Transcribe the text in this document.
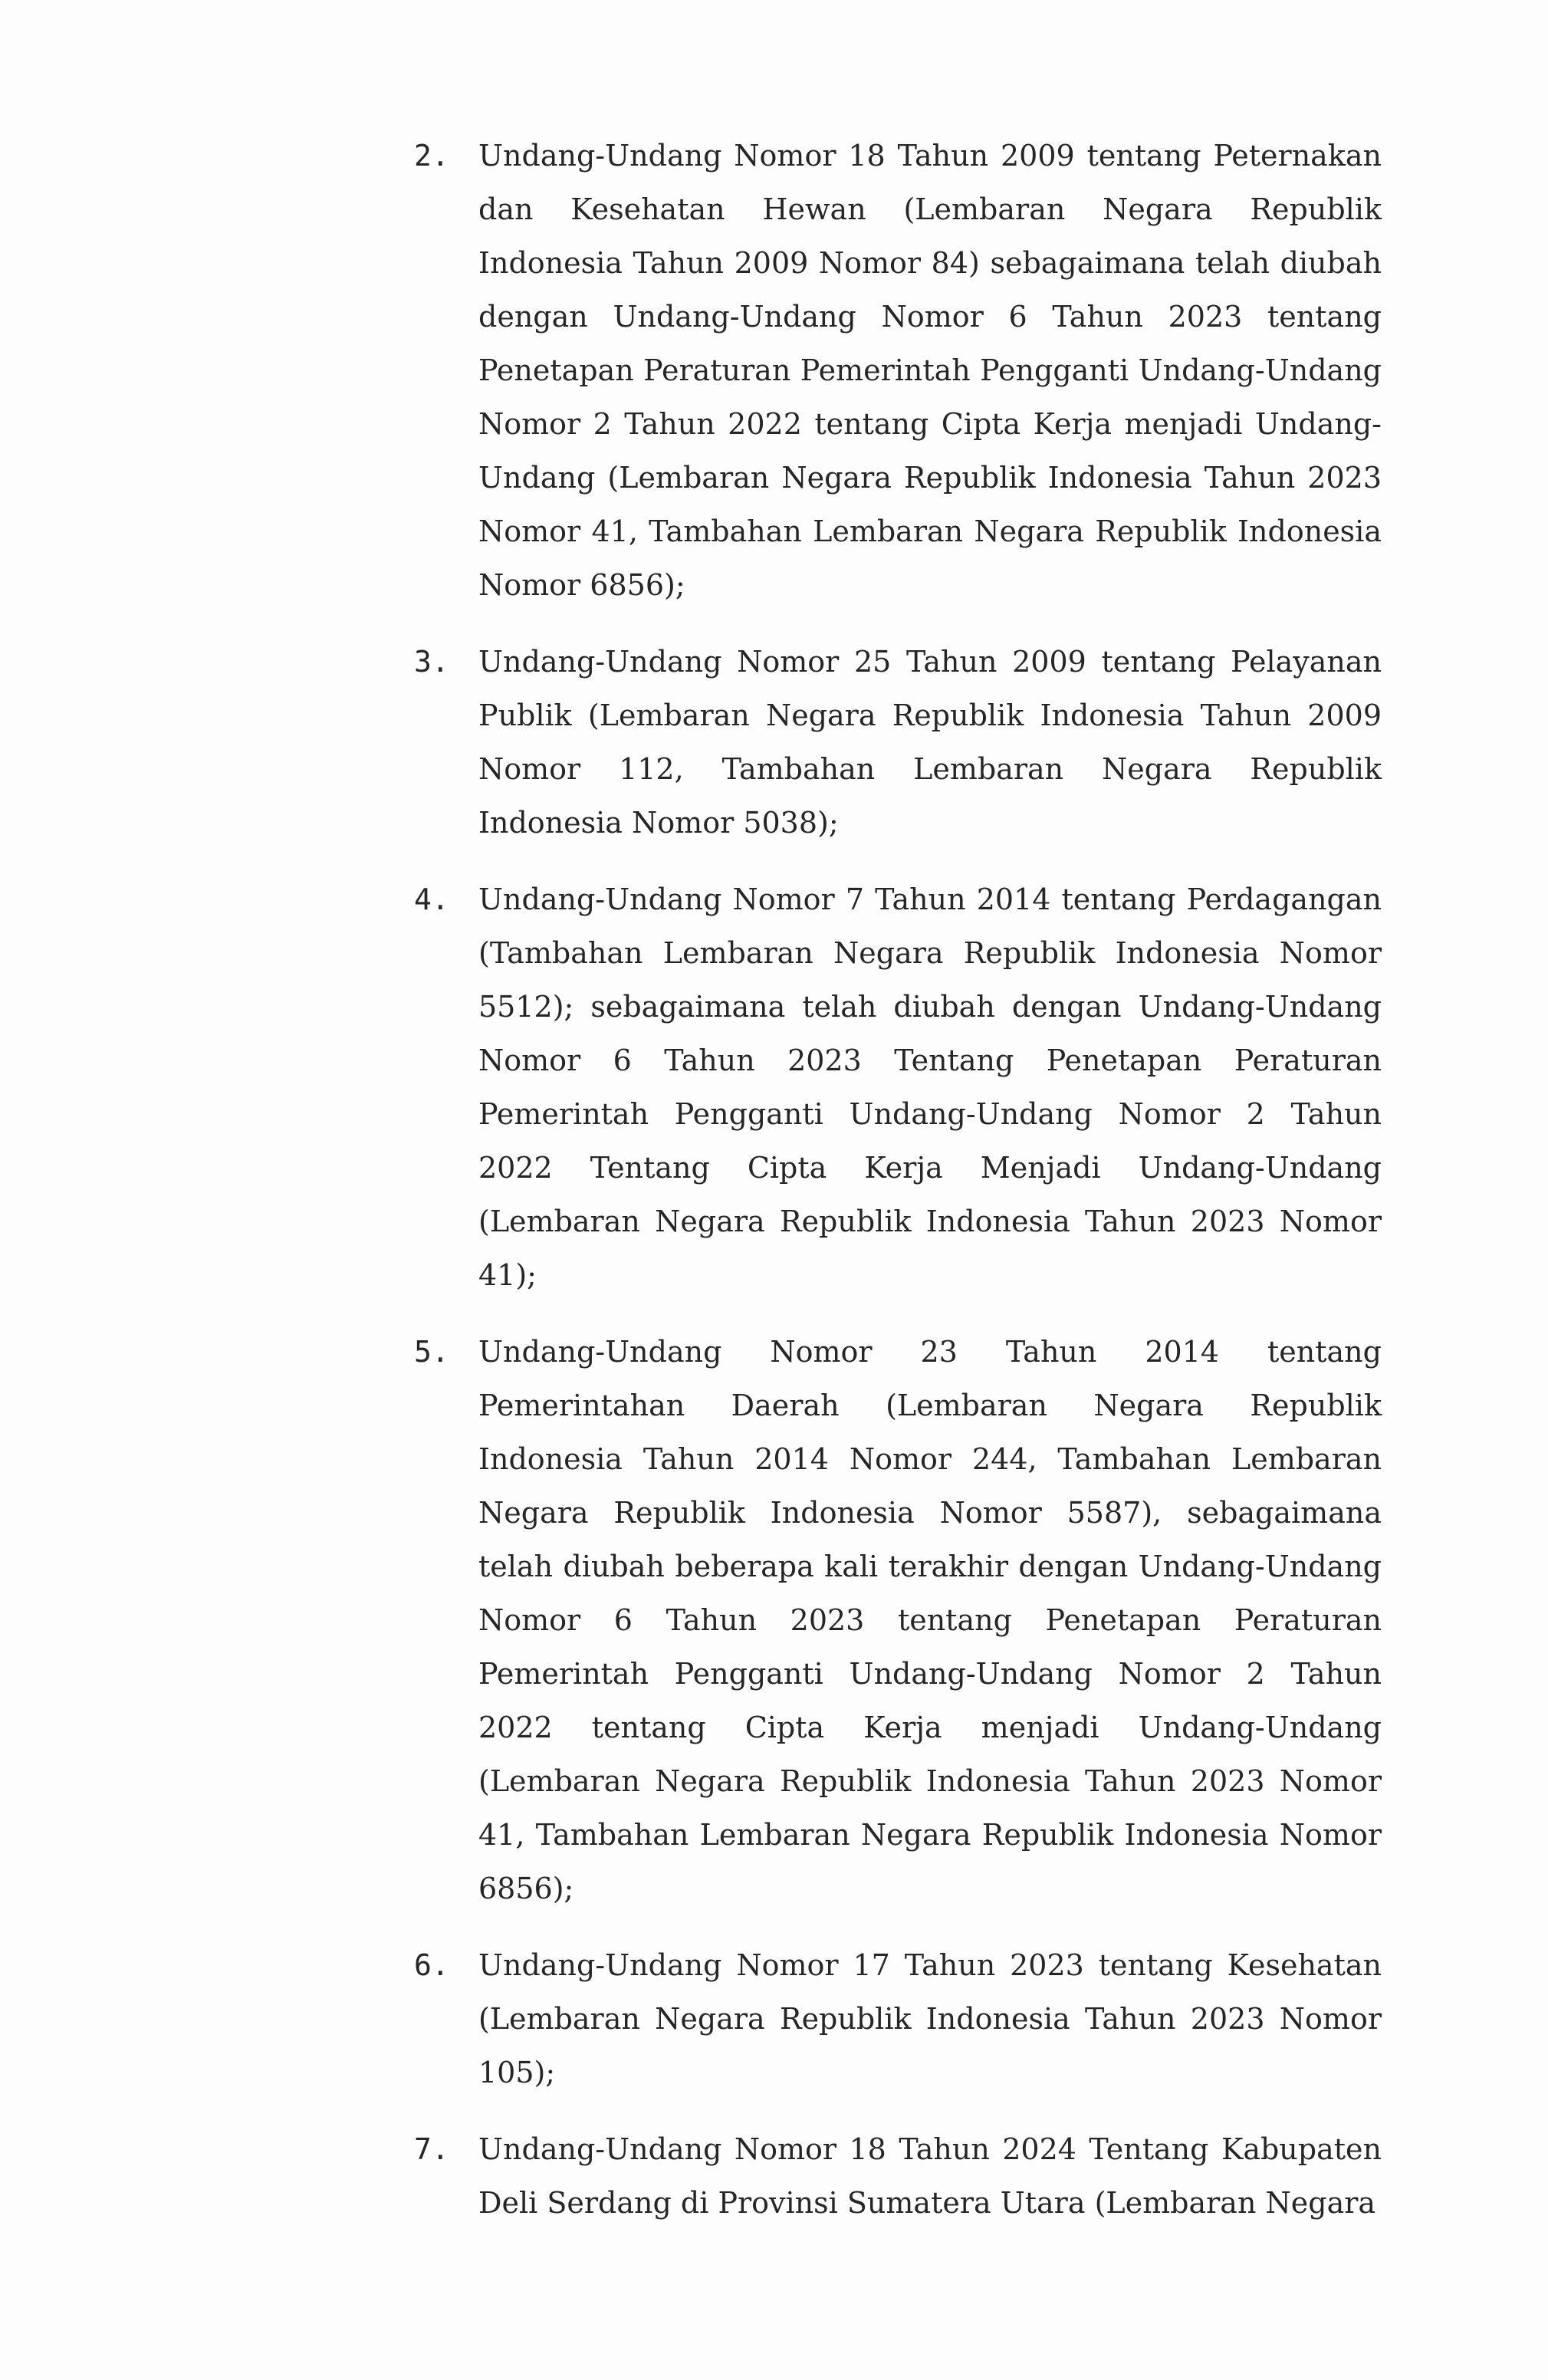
2.	Undang-Undang Nomor 18 Tahun 2009 tentang Peternakan dan Kesehatan Hewan (Lembaran Negara Republik Indonesia Tahun 2009 Nomor 84) sebagaimana telah diubah dengan Undang-Undang Nomor 6 Tahun 2023 tentang Penetapan Peraturan Pemerintah Pengganti Undang-Undang Nomor 2 Tahun 2022 tentang Cipta Kerja menjadi Undang-Undang (Lembaran Negara Republik Indonesia Tahun 2023 Nomor 41, Tambahan Lembaran Negara Republik Indonesia Nomor 6856);
3.	Undang-Undang Nomor 25 Tahun 2009 tentang Pelayanan Publik (Lembaran Negara Republik Indonesia Tahun 2009 Nomor 112, Tambahan Lembaran Negara Republik Indonesia Nomor 5038);
4.	Undang-Undang Nomor 7 Tahun 2014 tentang Perdagangan (Tambahan Lembaran Negara Republik Indonesia Nomor 5512); sebagaimana telah diubah dengan Undang-Undang Nomor 6 Tahun 2023 Tentang Penetapan Peraturan Pemerintah Pengganti Undang-Undang Nomor 2 Tahun 2022 Tentang Cipta Kerja Menjadi Undang-Undang (Lembaran Negara Republik Indonesia Tahun 2023 Nomor 41);
5.	Undang-Undang Nomor 23 Tahun 2014 tentang Pemerintahan Daerah (Lembaran Negara Republik Indonesia Tahun 2014 Nomor 244, Tambahan Lembaran Negara Republik Indonesia Nomor 5587), sebagaimana telah diubah beberapa kali terakhir dengan Undang-Undang Nomor 6 Tahun 2023 tentang Penetapan Peraturan Pemerintah Pengganti Undang-Undang Nomor 2 Tahun 2022 tentang Cipta Kerja menjadi Undang-Undang (Lembaran Negara Republik Indonesia Tahun 2023 Nomor 41, Tambahan Lembaran Negara Republik Indonesia Nomor 6856);
6.	Undang-Undang Nomor 17 Tahun 2023 tentang Kesehatan (Lembaran Negara Republik Indonesia Tahun 2023 Nomor 105);
7.	Undang-Undang Nomor 18 Tahun 2024 Tentang Kabupaten Deli Serdang di Provinsi Sumatera Utara (Lembaran Negara
